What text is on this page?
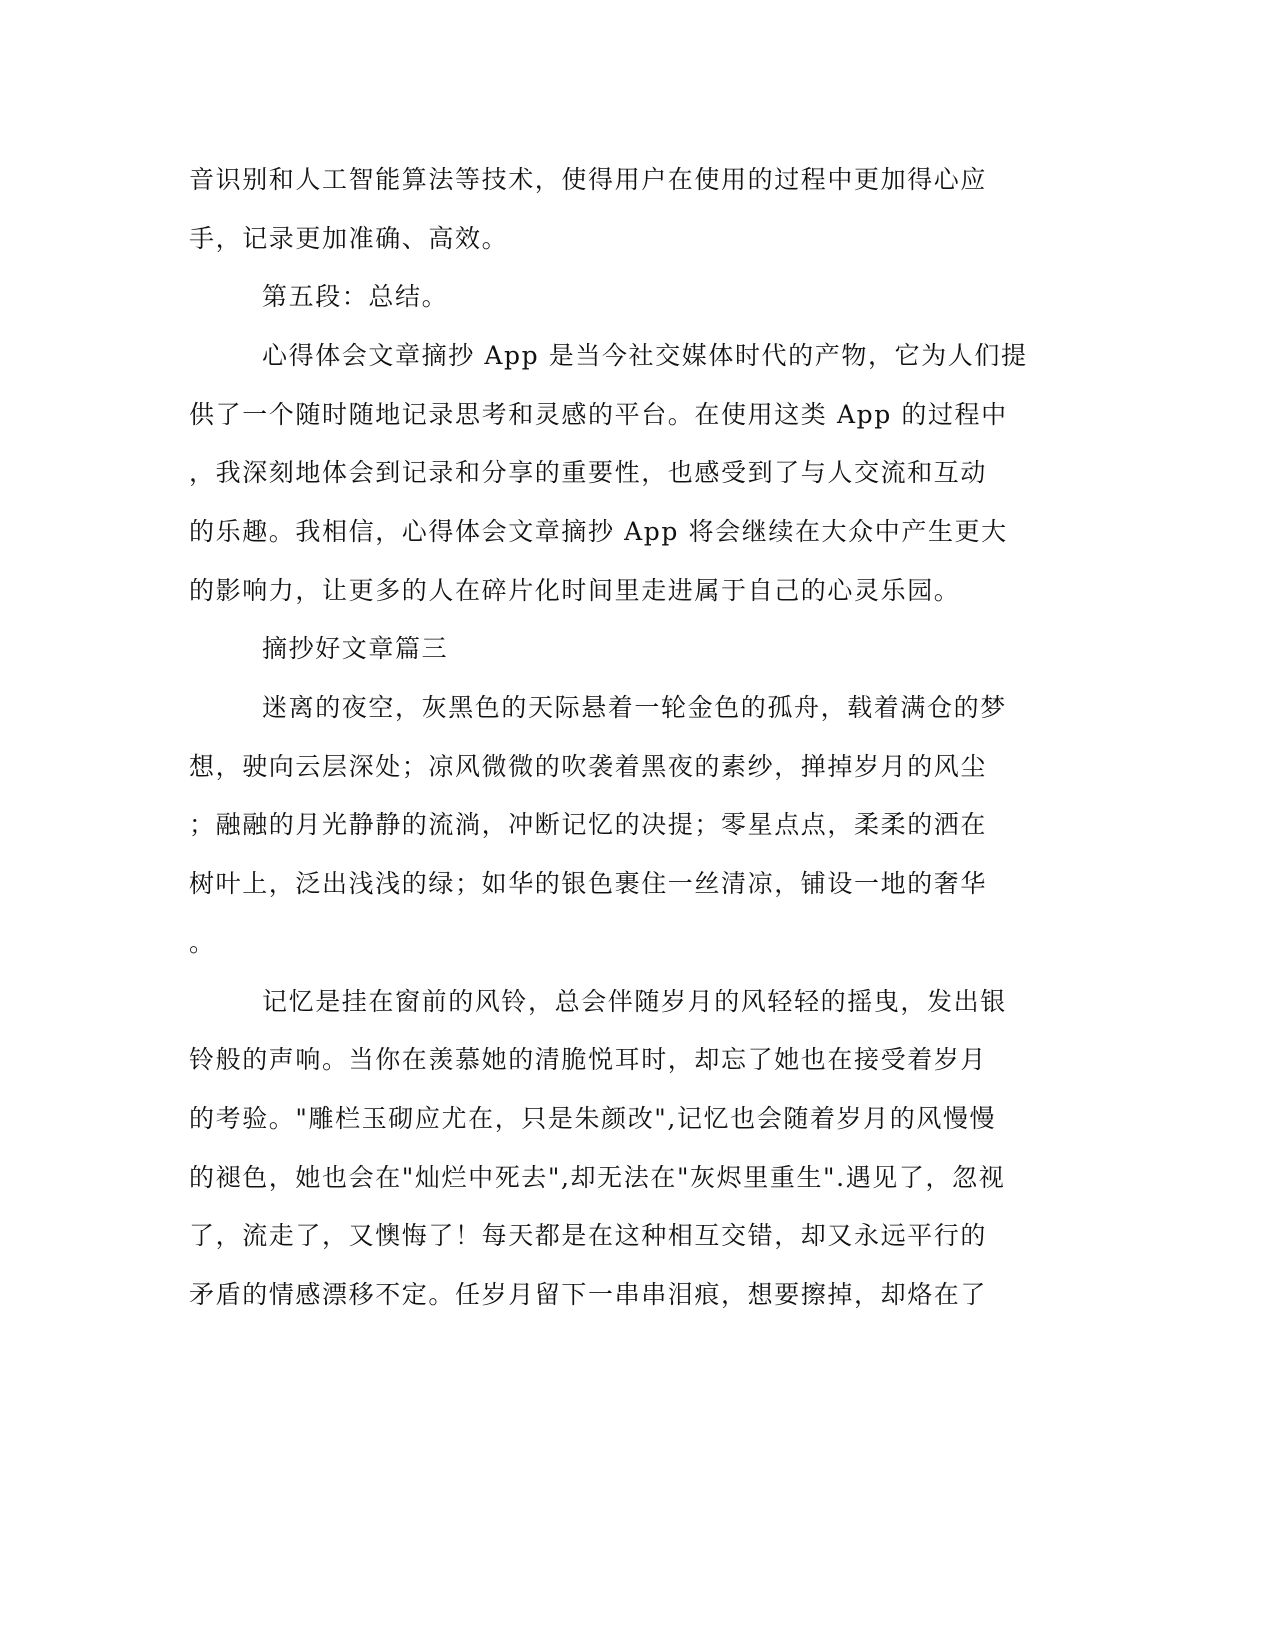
音识别和人工智能算法等技术，使得用户在使用的过程中更加得心应
手，记录更加准确、高效。
第五段：总结。
心得体会文章摘抄 App 是当今社交媒体时代的产物，它为人们提
供了一个随时随地记录思考和灵感的平台。在使用这类 App 的过程中
，我深刻地体会到记录和分享的重要性，也感受到了与人交流和互动
的乐趣。我相信，心得体会文章摘抄 App 将会继续在大众中产生更大
的影响力，让更多的人在碎片化时间里走进属于自己的心灵乐园。
摘抄好文章篇三
迷离的夜空，灰黑色的天际悬着一轮金色的孤舟，载着满仓的梦
想，驶向云层深处；凉风微微的吹袭着黑夜的素纱，掸掉岁月的风尘
；融融的月光静静的流淌，冲断记忆的决提；零星点点，柔柔的洒在
树叶上，泛出浅浅的绿；如华的银色裹住一丝清凉，铺设一地的奢华
。
记忆是挂在窗前的风铃，总会伴随岁月的风轻轻的摇曳，发出银
铃般的声响。当你在羡慕她的清脆悦耳时，却忘了她也在接受着岁月
的考验。"雕栏玉砌应尤在，只是朱颜改",记忆也会随着岁月的风慢慢
的褪色，她也会在"灿烂中死去",却无法在"灰烬里重生".遇见了，忽视
了，流走了，又懊悔了！每天都是在这种相互交错，却又永远平行的
矛盾的情感漂移不定。任岁月留下一串串泪痕，想要擦掉，却烙在了
